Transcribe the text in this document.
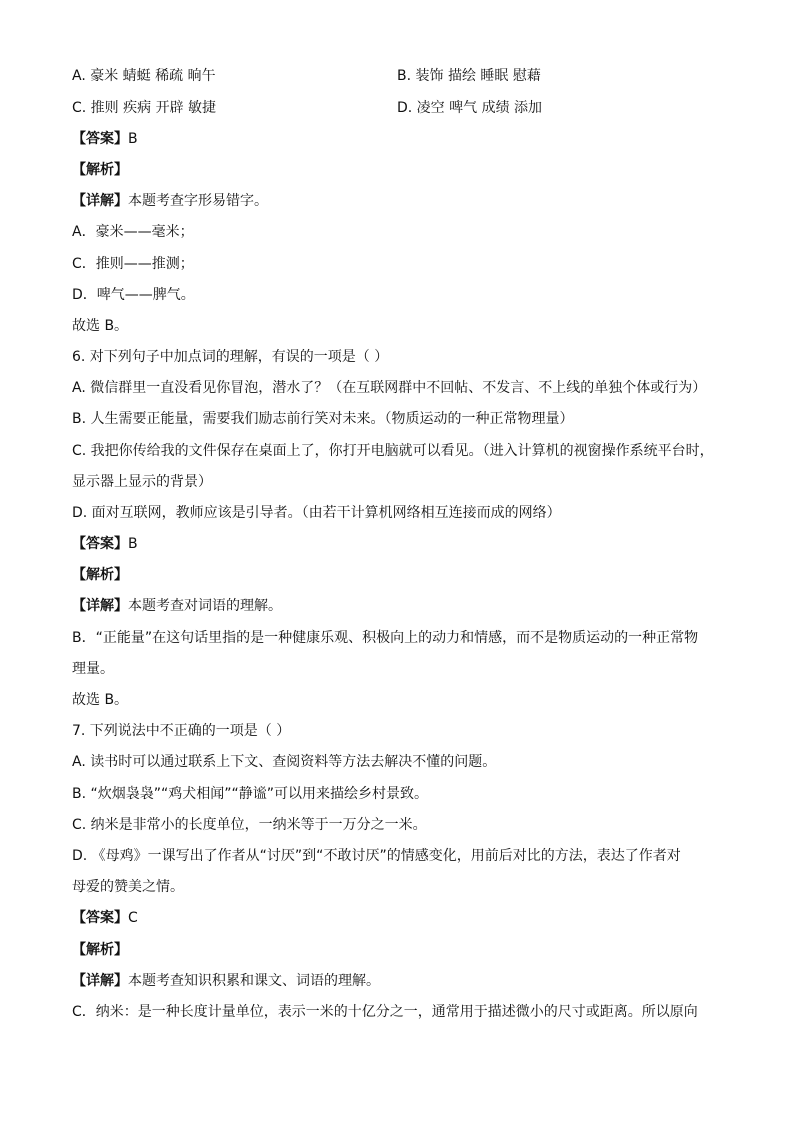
A. 豪米 蜻蜓 稀疏 晌午	B. 装饰 描绘 睡眠 慰藉
C. 推则 疾病 开辟 敏捷	D. 凌空 啤气 成绩 添加
【答案】B
【解析】
【详解】本题考查字形易错字。
A．豪米——毫米；
C．推则——推测；
D．啤气——脾气。
故选 B。
6. 对下列句子中加点词的理解，有误的一项是（ ）
A. 微信群里一直没看见你冒泡，潜水了？（在互联网群中不回帖、不发言、不上线的单独个体或行为）
B. 人生需要正能量，需要我们励志前行笑对未来。（物质运动的一种正常物理量）
C. 我把你传给我的文件保存在桌面上了，你打开电脑就可以看见。（进入计算机的视窗操作系统平台时，
显示器上显示的背景）
D. 面对互联网，教师应该是引导者。（由若干计算机网络相互连接而成的网络）
【答案】B
【解析】
【详解】本题考查对词语的理解。
B．“正能量”在这句话里指的是一种健康乐观、积极向上的动力和情感，而不是物质运动的一种正常物
理量。
故选 B。
7. 下列说法中不正确的一项是（ ）
A. 读书时可以通过联系上下文、查阅资料等方法去解决不懂的问题。
B. “炊烟袅袅”“鸡犬相闻”“静谧”可以用来描绘乡村景致。
C. 纳米是非常小的长度单位，一纳米等于一万分之一米。
D. 《母鸡》一课写出了作者从“讨厌”到“不敢讨厌”的情感变化，用前后对比的方法，表达了作者对
母爱的赞美之情。
【答案】C
【解析】
【详解】本题考查知识积累和课文、词语的理解。
C．纳米：是一种长度计量单位，表示一米的十亿分之一，通常用于描述微小的尺寸或距离。所以原向
